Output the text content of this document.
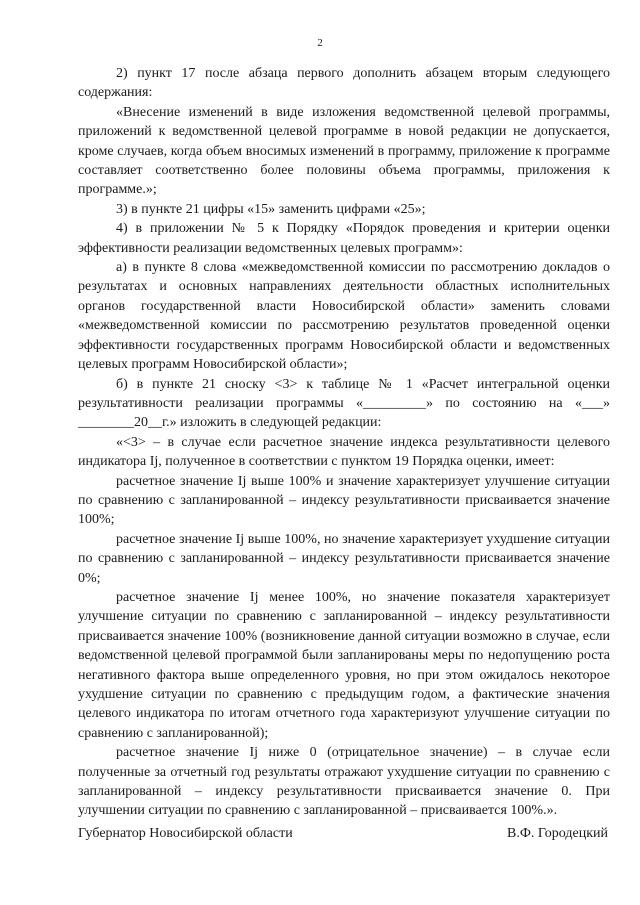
2

2) пункт 17 после абзаца первого дополнить абзацем вторым следующего содержания:

«Внесение изменений в виде изложения ведомственной целевой программы, приложений к ведомственной целевой программе в новой редакции не допускается, кроме случаев, когда объем вносимых изменений в программу, приложение к программе составляет соответственно более половины объема программы, приложения к программе.»;

3) в пункте 21 цифры «15» заменить цифрами «25»;

4) в приложении № 5 к Порядку «Порядок проведения и критерии оценки эффективности реализации ведомственных целевых программ»:

а) в пункте 8 слова «межведомственной комиссии по рассмотрению докладов о результатах и основных направлениях деятельности областных исполнительных органов государственной власти Новосибирской области» заменить словами «межведомственной комиссии по рассмотрению результатов проведенной оценки эффективности государственных программ Новосибирской области и ведомственных целевых программ Новосибирской области»;

б) в пункте 21 сноску <3> к таблице № 1 «Расчет интегральной оценки результативности реализации программы «_________» по состоянию на «___» ________20__г.» изложить в следующей редакции:

«<3> – в случае если расчетное значение индекса результативности целевого индикатора Ij, полученное в соответствии с пунктом 19 Порядка оценки, имеет:

расчетное значение Ij выше 100% и значение характеризует улучшение ситуации по сравнению с запланированной – индексу результативности присваивается значение 100%;

расчетное значение Ij выше 100%, но значение характеризует ухудшение ситуации по сравнению с запланированной – индексу результативности присваивается значение 0%;

расчетное значение Ij менее 100%, но значение показателя характеризует улучшение ситуации по сравнению с запланированной – индексу результативности присваивается значение 100% (возникновение данной ситуации возможно в случае, если ведомственной целевой программой были запланированы меры по недопущению роста негативного фактора выше определенного уровня, но при этом ожидалось некоторое ухудшение ситуации по сравнению с предыдущим годом, а фактические значения целевого индикатора по итогам отчетного года характеризуют улучшение ситуации по сравнению с запланированной);

расчетное значение Ij ниже 0 (отрицательное значение) – в случае если полученные за отчетный год результаты отражают ухудшение ситуации по сравнению с запланированной – индексу результативности присваивается значение 0. При улучшении ситуации по сравнению с запланированной – присваивается 100%.».

Губернатор Новосибирской области	В.Ф. Городецкий
